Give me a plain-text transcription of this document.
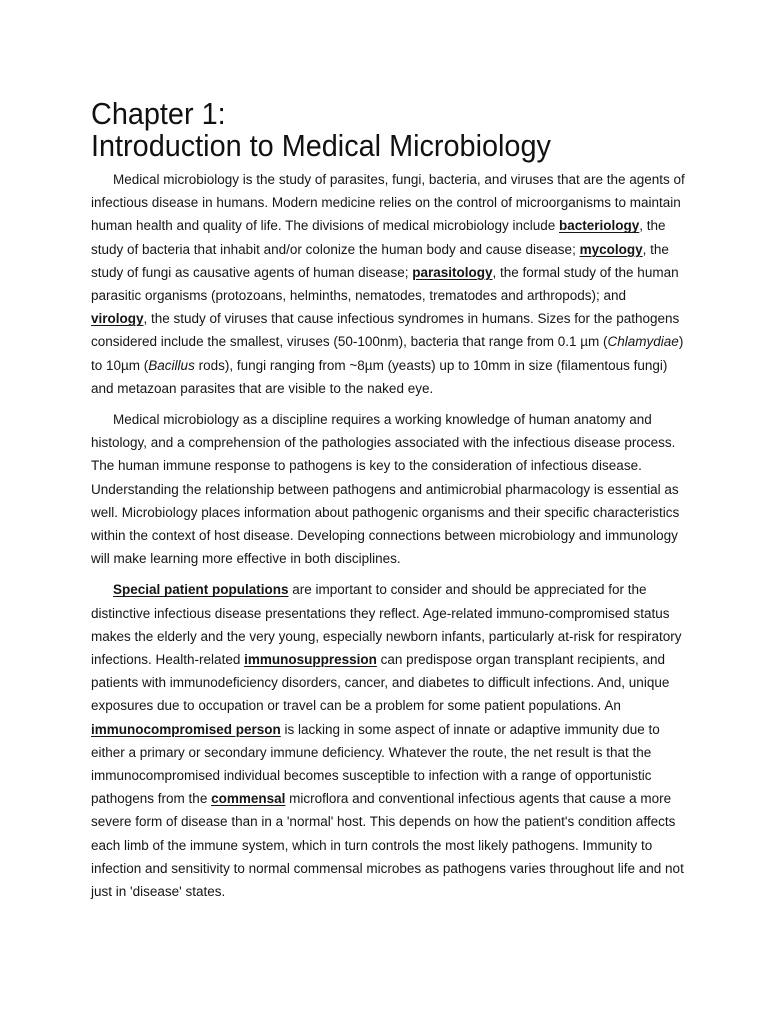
Chapter 1:
Introduction to Medical Microbiology

Medical microbiology is the study of parasites, fungi, bacteria, and viruses that are the agents of infectious disease in humans. Modern medicine relies on the control of microorganisms to maintain human health and quality of life. The divisions of medical microbiology include bacteriology, the study of bacteria that inhabit and/or colonize the human body and cause disease; mycology, the study of fungi as causative agents of human disease; parasitology, the formal study of the human parasitic organisms (protozoans, helminths, nematodes, trematodes and arthropods); and virology, the study of viruses that cause infectious syndromes in humans. Sizes for the pathogens considered include the smallest, viruses (50-100nm), bacteria that range from 0.1 µm (Chlamydiae) to 10µm (Bacillus rods), fungi ranging from ~8µm (yeasts) up to 10mm in size (filamentous fungi) and metazoan parasites that are visible to the naked eye.

Medical microbiology as a discipline requires a working knowledge of human anatomy and histology, and a comprehension of the pathologies associated with the infectious disease process. The human immune response to pathogens is key to the consideration of infectious disease. Understanding the relationship between pathogens and antimicrobial pharmacology is essential as well. Microbiology places information about pathogenic organisms and their specific characteristics within the context of host disease. Developing connections between microbiology and immunology will make learning more effective in both disciplines.

Special patient populations are important to consider and should be appreciated for the distinctive infectious disease presentations they reflect. Age-related immuno-compromised status makes the elderly and the very young, especially newborn infants, particularly at-risk for respiratory infections. Health-related immunosuppression can predispose organ transplant recipients, and patients with immunodeficiency disorders, cancer, and diabetes to difficult infections. And, unique exposures due to occupation or travel can be a problem for some patient populations. An immunocompromised person is lacking in some aspect of innate or adaptive immunity due to either a primary or secondary immune deficiency. Whatever the route, the net result is that the immunocompromised individual becomes susceptible to infection with a range of opportunistic pathogens from the commensal microflora and conventional infectious agents that cause a more severe form of disease than in a 'normal' host. This depends on how the patient's condition affects each limb of the immune system, which in turn controls the most likely pathogens. Immunity to infection and sensitivity to normal commensal microbes as pathogens varies throughout life and not just in 'disease' states.
